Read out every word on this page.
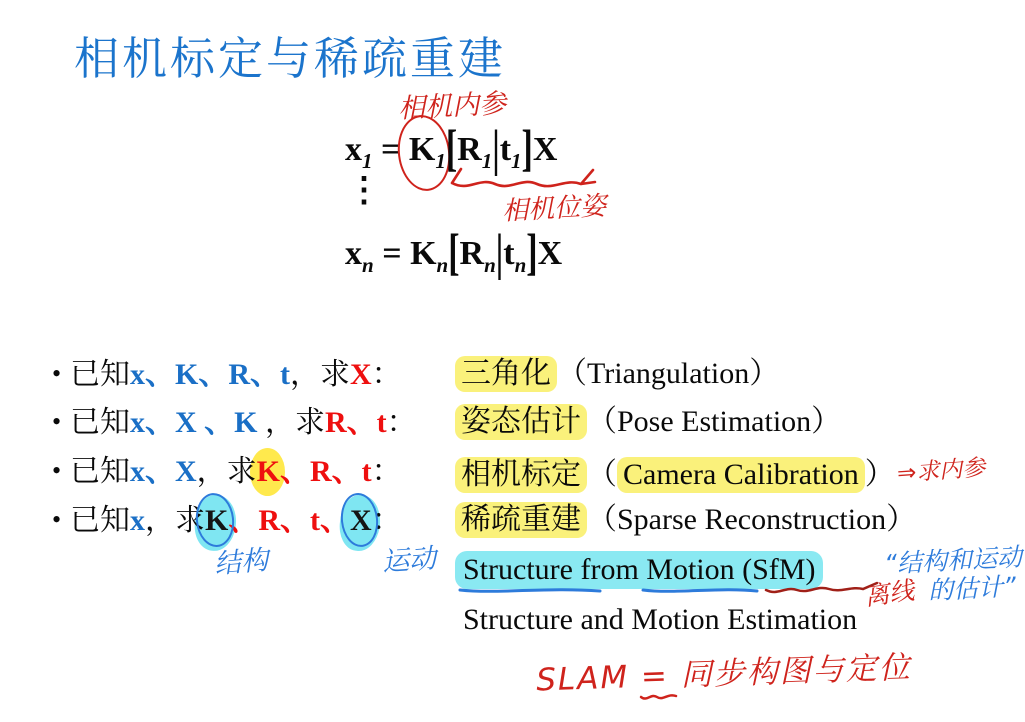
相机标定与稀疏重建
相机内参
$x_1 = K_1[R_1|t_1]X$
相机位姿
⋮
$x_n = K_n[R_n|t_n]X$
• 已知x、K、R、t，求X： 三角化 （Triangulation）
• 已知x、X 、K ，求R、t： 姿态估计 （Pose Estimation）
• 已知x、X，求K、R、t： 相机标定 （ Camera Calibration ）⇒求内参
• 已知x，求K、R、t、X： 稀疏重建 （Sparse Reconstruction）
结构	运动 Structure from Motion (SfM)
离线
“结构和运动
的估计”
Structure and Motion Estimation
SLAM = 同步构图与定位
